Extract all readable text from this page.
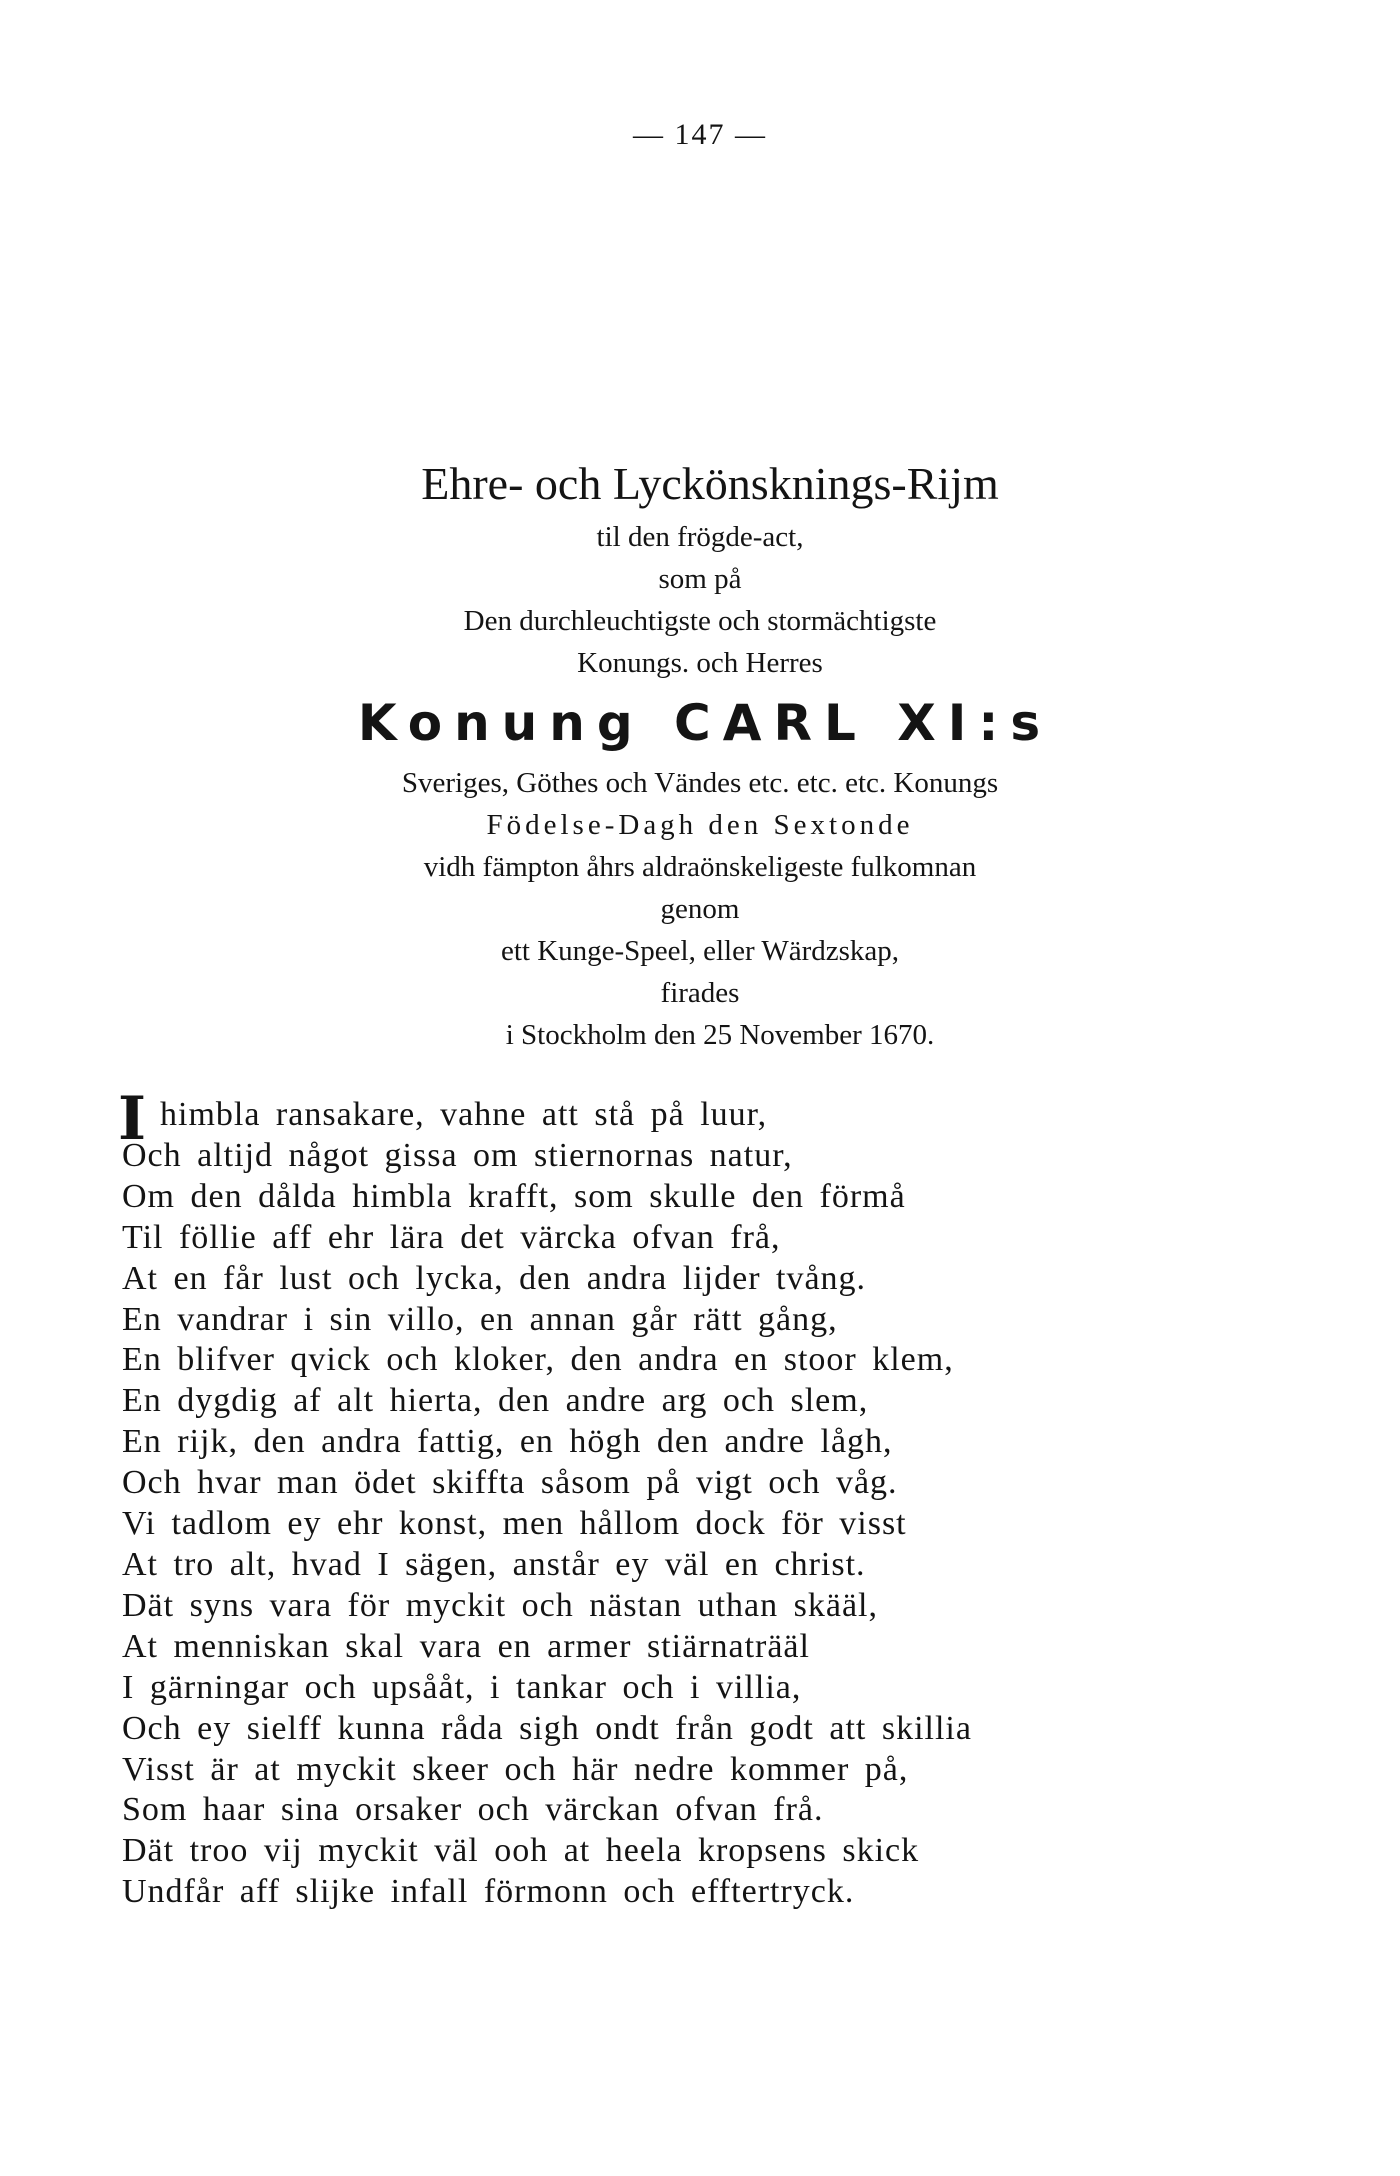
— 147 —
Ehre- och Lyckönsknings-Rijm
til den frögde-act,
som på
Den durchleuchtigste och stormächtigste
Konungs. och Herres
Konung CARL XI:s
Sveriges, Göthes och Vändes etc. etc. etc. Konungs
Födelse-Dagh den Sextonde
vidh fämpton åhrs aldraönskeligeste fulkomnan
genom
ett Kunge-Speel, eller Wärdzskap,
firades
i Stockholm den 25 November 1670.
I himbla ransakare, vahne att stå på luur,
Och altijd något gissa om stiernornas natur,
Om den dålda himbla krafft, som skulle den förmå
Til föllie aff ehr lära det värcka ofvan frå,
At en får lust och lycka, den andra lijder tvång.
En vandrar i sin villo, en annan går rätt gång,
En blifver qvick och kloker, den andra en stoor klem,
En dygdig af alt hierta, den andre arg och slem,
En rijk, den andra fattig, en högh den andre lågh,
Och hvar man ödet skiffta såsom på vigt och våg.
Vi tadlom ey ehr konst, men hållom dock för visst
At tro alt, hvad I sägen, anstår ey väl en christ.
Dät syns vara för myckit och nästan uthan skääl,
At menniskan skal vara en armer stiärnaträäl
I gärningar och upsååt, i tankar och i villia,
Och ey sielff kunna råda sigh ondt från godt att skillia
Visst är at myckit skeer och här nedre kommer på,
Som haar sina orsaker och värckan ofvan frå.
Dät troo vij myckit väl ooh at heela kropsens skick
Undfår aff slijke infall förmonn och efftertryck.
